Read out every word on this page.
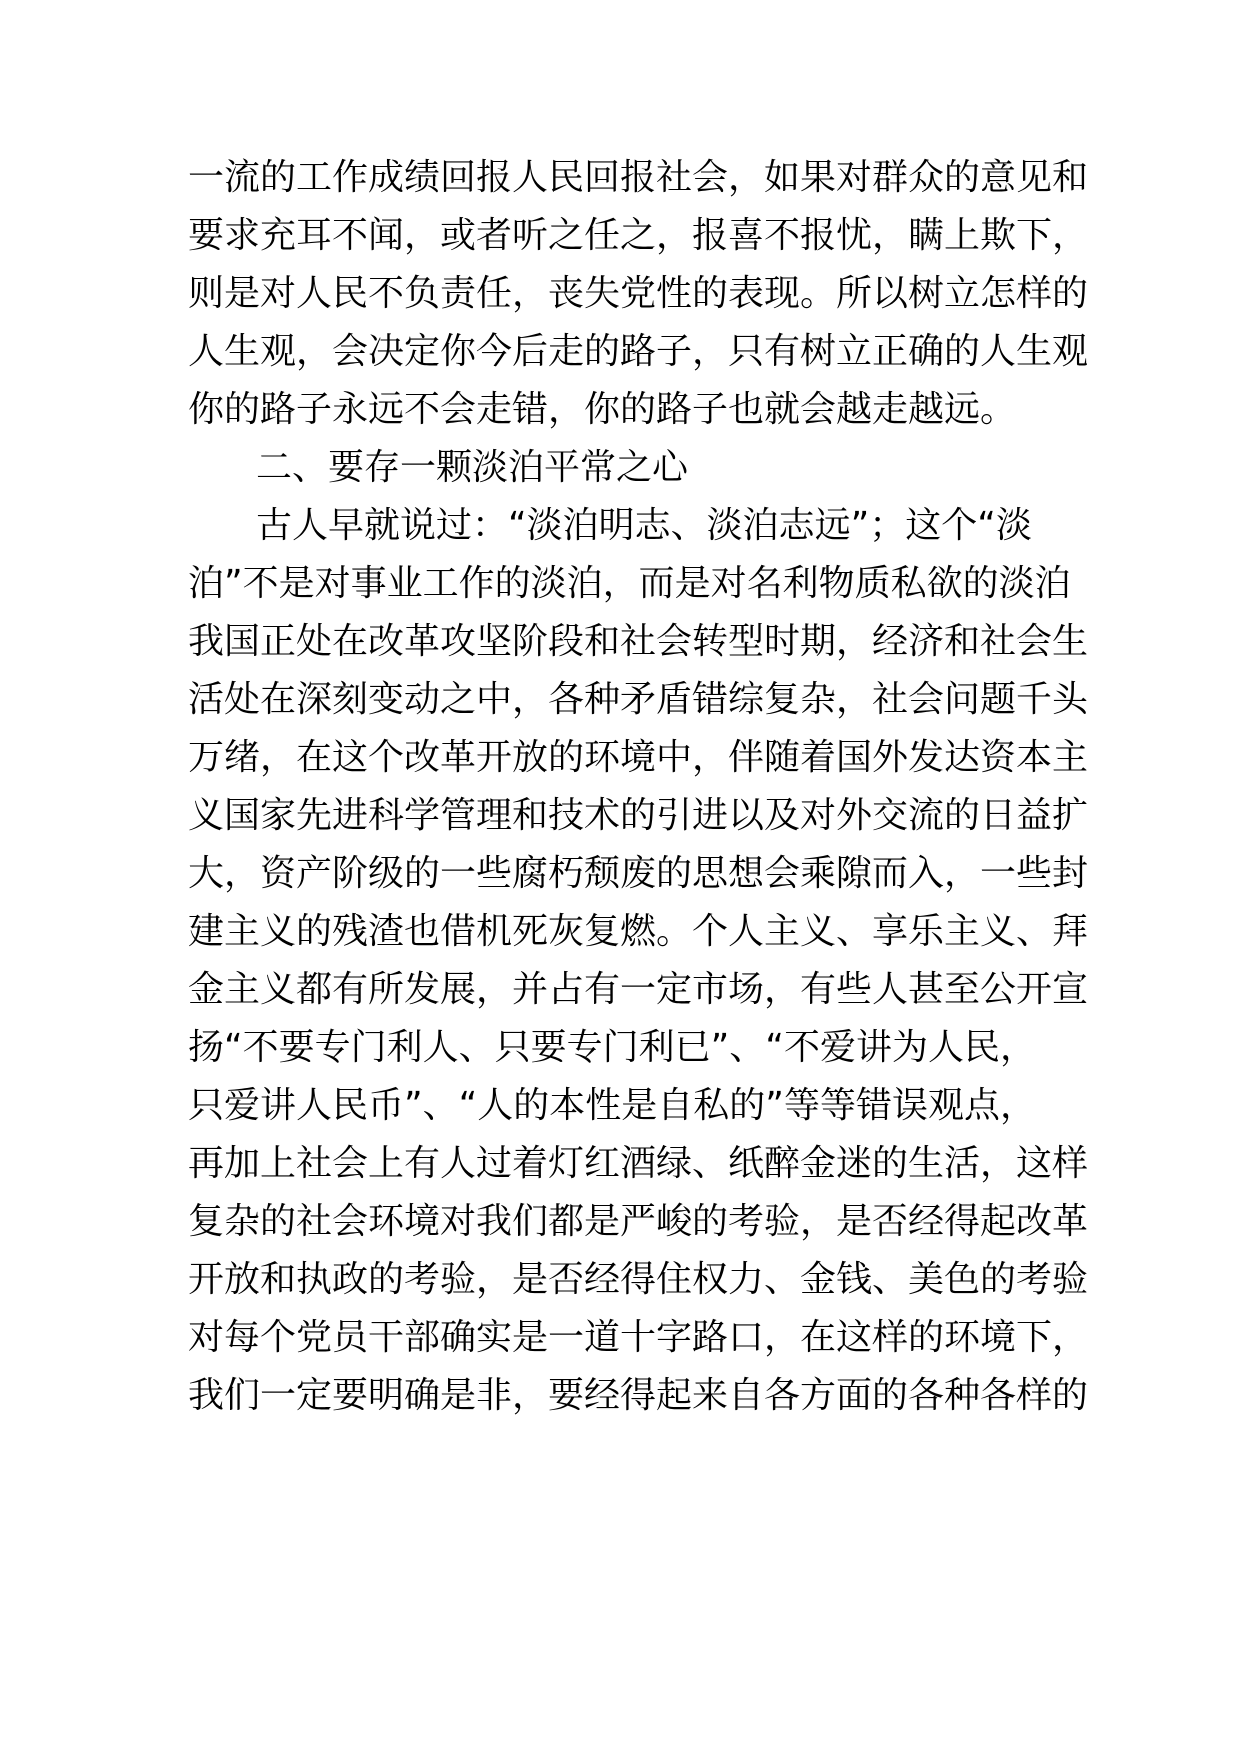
一流的工作成绩回报人民回报社会，如果对群众的意见和
要求充耳不闻，或者听之任之，报喜不报忧，瞒上欺下，
则是对人民不负责任，丧失党性的表现。所以树立怎样的
人生观，会决定你今后走的路子，只有树立正确的人生观
你的路子永远不会走错，你的路子也就会越走越远。
二、要存一颗淡泊平常之心
古人早就说过：“淡泊明志、淡泊志远”；这个“淡
泊”不是对事业工作的淡泊，而是对名利物质私欲的淡泊
我国正处在改革攻坚阶段和社会转型时期，经济和社会生
活处在深刻变动之中，各种矛盾错综复杂，社会问题千头
万绪，在这个改革开放的环境中，伴随着国外发达资本主
义国家先进科学管理和技术的引进以及对外交流的日益扩
大，资产阶级的一些腐朽颓废的思想会乘隙而入，一些封
建主义的残渣也借机死灰复燃。个人主义、享乐主义、拜
金主义都有所发展，并占有一定市场，有些人甚至公开宣
扬“不要专门利人、只要专门利已”、“不爱讲为人民，
只爱讲人民币”、“人的本性是自私的”等等错误观点，
再加上社会上有人过着灯红酒绿、纸醉金迷的生活，这样
复杂的社会环境对我们都是严峻的考验，是否经得起改革
开放和执政的考验，是否经得住权力、金钱、美色的考验
对每个党员干部确实是一道十字路口，在这样的环境下，
我们一定要明确是非，要经得起来自各方面的各种各样的
